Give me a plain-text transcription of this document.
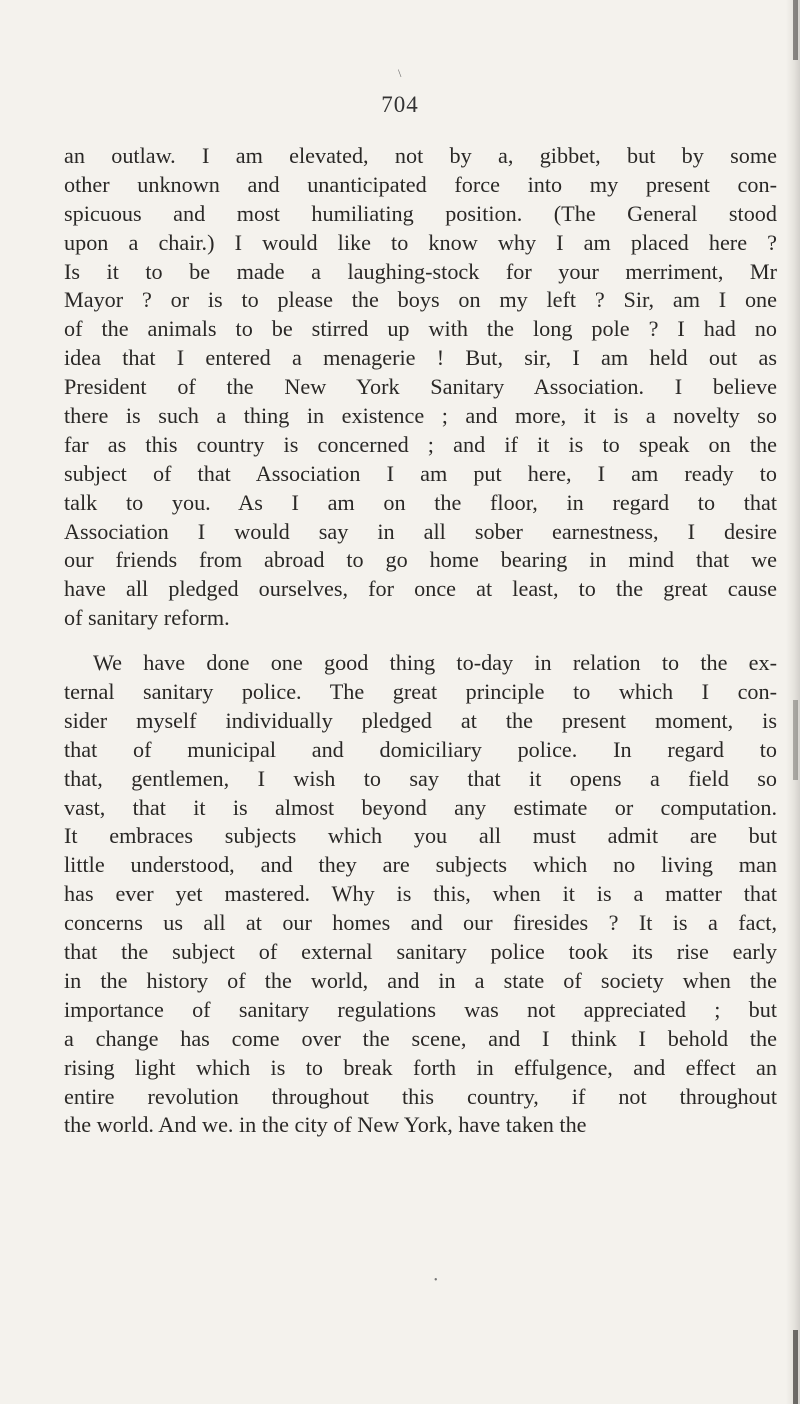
\
704
an outlaw. I am elevated, not by a, gibbet, but by some
other unknown and unanticipated force into my present con-
spicuous and most humiliating position. (The General stood
upon a chair.) I would like to know why I am placed here ?
Is it to be made a laughing-stock for your merriment, Mr
Mayor ? or is to please the boys on my left ? Sir, am I one
of the animals to be stirred up with the long pole ? I had no
idea that I entered a menagerie ! But, sir, I am held out as
President of the New York Sanitary Association. I believe
there is such a thing in existence ; and more, it is a novelty so
far as this country is concerned ; and if it is to speak on the
subject of that Association I am put here, I am ready to
talk to you. As I am on the floor, in regard to that
Association I would say in all sober earnestness, I desire
our friends from abroad to go home bearing in mind that we
have all pledged ourselves, for once at least, to the great cause
of sanitary reform.
We have done one good thing to-day in relation to the ex-
ternal sanitary police. The great principle to which I con-
sider myself individually pledged at the present moment, is
that of municipal and domiciliary police. In regard to
that, gentlemen, I wish to say that it opens a field so
vast, that it is almost beyond any estimate or computation.
It embraces subjects which you all must admit are but
little understood, and they are subjects which no living man
has ever yet mastered. Why is this, when it is a matter that
concerns us all at our homes and our firesides ? It is a fact,
that the subject of external sanitary police took its rise early
in the history of the world, and in a state of society when the
importance of sanitary regulations was not appreciated ; but
a change has come over the scene, and I think I behold the
rising light which is to break forth in effulgence, and effect an
entire revolution throughout this country, if not throughout
the world. And we. in the city of New York, have taken the
•
